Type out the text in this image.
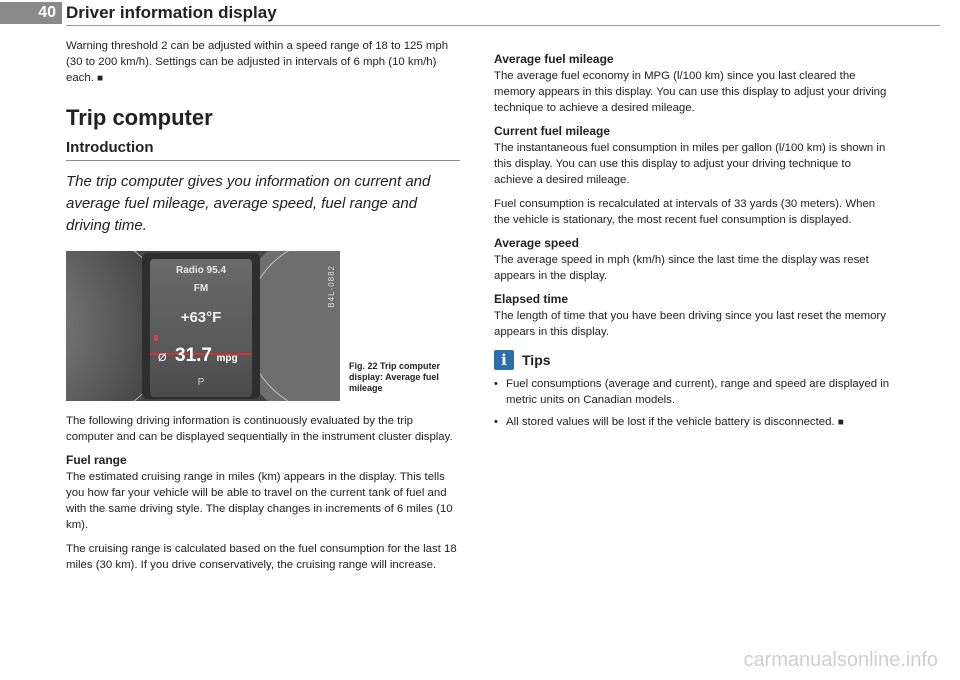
40 Driver information display

Warning threshold 2 can be adjusted within a speed range of 18 to 125 mph (30 to 200 km/h). Settings can be adjusted in intervals of 6 mph (10 km/h) each. ■

Trip computer
Introduction
The trip computer gives you information on current and average fuel mileage, average speed, fuel range and driving time.
Radio 95.4
FM
+63°F
Ø 31.7 mpg
P
B4L-0882
Fig. 22 Trip computer display: Average fuel mileage

The following driving information is continuously evaluated by the trip computer and can be displayed sequentially in the instrument cluster display.

Fuel range

The estimated cruising range in miles (km) appears in the display. This tells you how far your vehicle will be able to travel on the current tank of fuel and with the same driving style. The display changes in increments of 6 miles (10 km).

The cruising range is calculated based on the fuel consumption for the last 18 miles (30 km). If you drive conservatively, the cruising range will increase.

Average fuel mileage

The average fuel economy in MPG (l/100 km) since you last cleared the memory appears in this display. You can use this display to adjust your driving technique to achieve a desired mileage.

Current fuel mileage

The instantaneous fuel consumption in miles per gallon (l/100 km) is shown in this display. You can use this display to adjust your driving technique to achieve a desired mileage.

Fuel consumption is recalculated at intervals of 33 yards (30 meters). When the vehicle is stationary, the most recent fuel consumption is displayed.

Average speed

The average speed in mph (km/h) since the last time the display was reset appears in the display.

Elapsed time

The length of time that you have been driving since you last reset the memory appears in this display.

i	Tips
• Fuel consumptions (average and current), range and speed are displayed in metric units on Canadian models.

• All stored values will be lost if the vehicle battery is disconnected. ■

carmanualsonline.info
